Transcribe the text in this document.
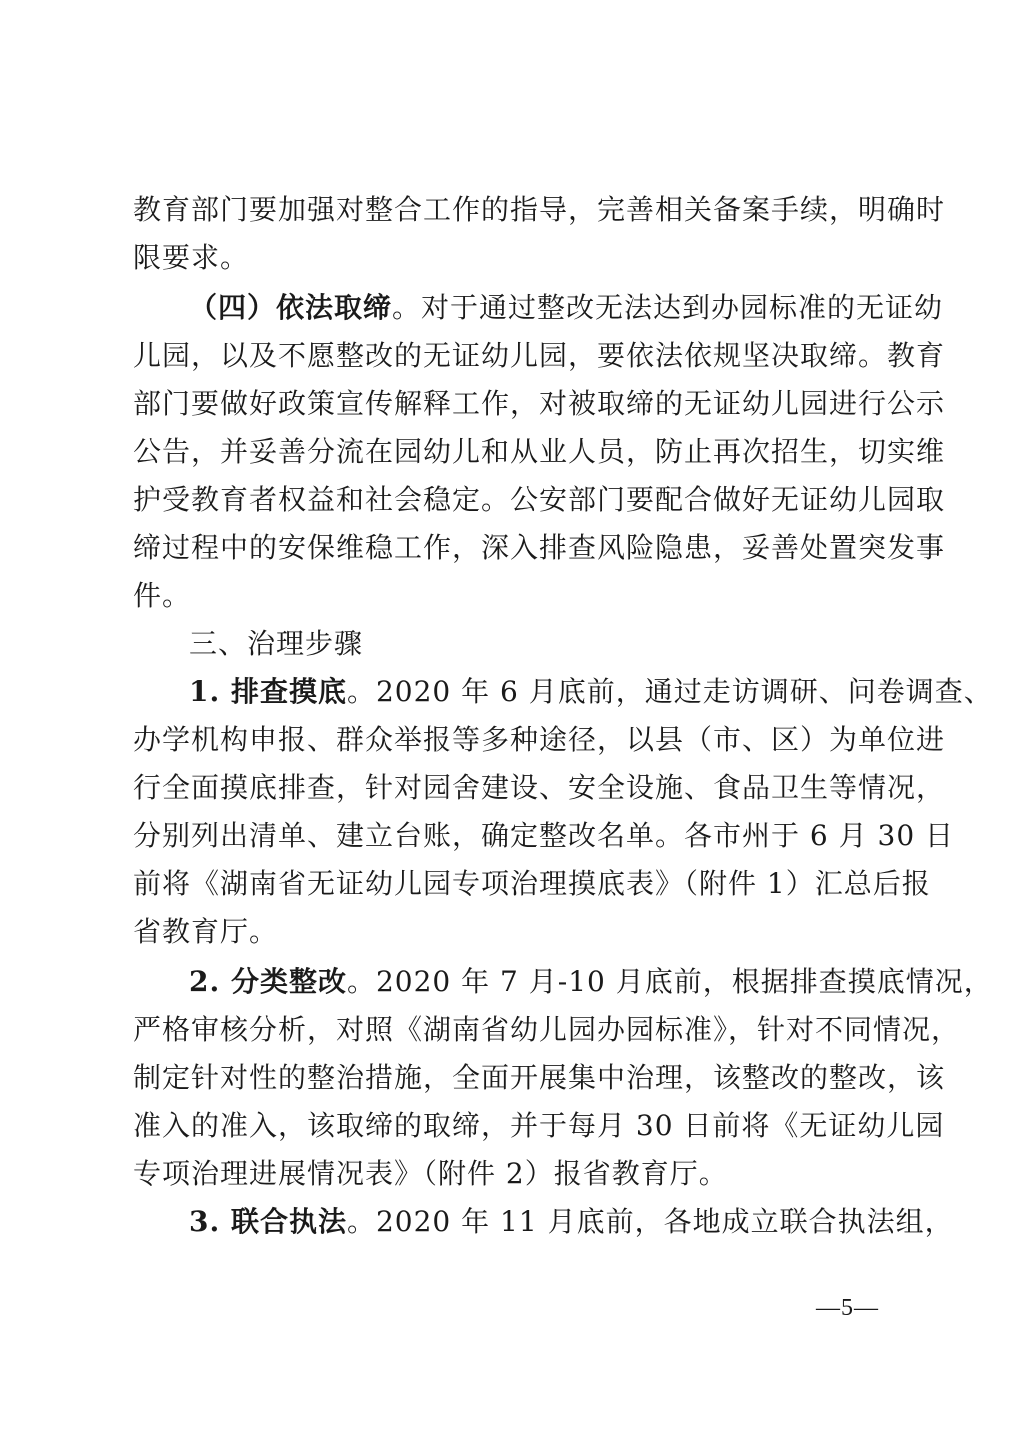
教育部门要加强对整合工作的指导，完善相关备案手续，明确时
限要求。
（四）依法取缔。对于通过整改无法达到办园标准的无证幼
儿园，以及不愿整改的无证幼儿园，要依法依规坚决取缔。教育
部门要做好政策宣传解释工作，对被取缔的无证幼儿园进行公示
公告，并妥善分流在园幼儿和从业人员，防止再次招生，切实维
护受教育者权益和社会稳定。公安部门要配合做好无证幼儿园取
缔过程中的安保维稳工作，深入排查风险隐患，妥善处置突发事
件。
三、治理步骤
1. 排查摸底。2020 年 6 月底前，通过走访调研、问卷调查、
办学机构申报、群众举报等多种途径，以县（市、区）为单位进
行全面摸底排查，针对园舍建设、安全设施、食品卫生等情况，
分别列出清单、建立台账，确定整改名单。各市州于 6 月 30 日
前将《湖南省无证幼儿园专项治理摸底表》（附件 1）汇总后报
省教育厅。
2. 分类整改。2020 年 7 月-10 月底前，根据排查摸底情况，
严格审核分析，对照《湖南省幼儿园办园标准》，针对不同情况，
制定针对性的整治措施，全面开展集中治理，该整改的整改，该
准入的准入，该取缔的取缔，并于每月 30 日前将《无证幼儿园
专项治理进展情况表》（附件 2）报省教育厅。
3. 联合执法。2020 年 11 月底前，各地成立联合执法组，
—5—
